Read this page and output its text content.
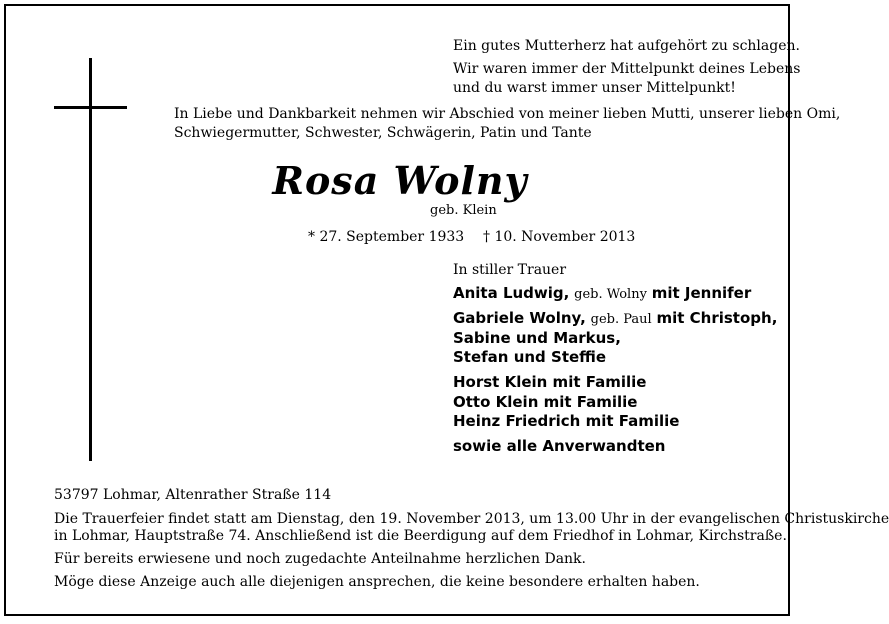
Ein gutes Mutterherz hat aufgehört zu schlagen.
Wir waren immer der Mittelpunkt deines Lebens
und du warst immer unser Mittelpunkt!
In Liebe und Dankbarkeit nehmen wir Abschied von meiner lieben Mutti, unserer lieben Omi,
Schwiegermutter, Schwester, Schwägerin, Patin und Tante
Rosa Wolny
geb. Klein
* 27. September 1933 † 10. November 2013
In stiller Trauer
Anita Ludwig, geb. Wolny mit Jennifer
Gabriele Wolny, geb. Paul mit Christoph,
Sabine und Markus,
Stefan und Steffie
Horst Klein mit Familie
Otto Klein mit Familie
Heinz Friedrich mit Familie
sowie alle Anverwandten
53797 Lohmar, Altenrather Straße 114
Die Trauerfeier findet statt am Dienstag, den 19. November 2013, um 13.00 Uhr in der evangelischen Christuskirche
in Lohmar, Hauptstraße 74. Anschließend ist die Beerdigung auf dem Friedhof in Lohmar, Kirchstraße.
Für bereits erwiesene und noch zugedachte Anteilnahme herzlichen Dank.
Möge diese Anzeige auch alle diejenigen ansprechen, die keine besondere erhalten haben.
